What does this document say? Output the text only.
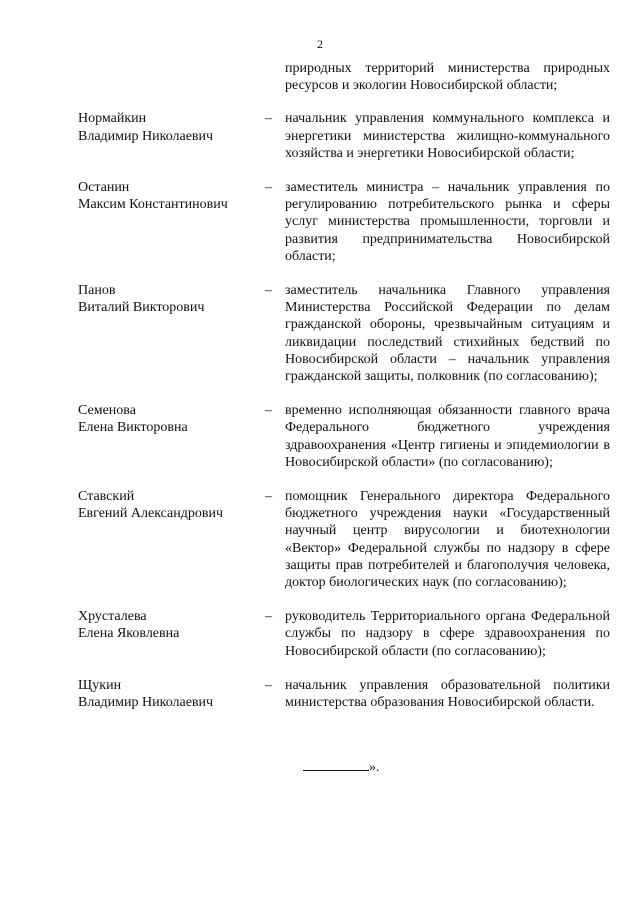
2
природных территорий министерства природных ресурсов и экологии Новосибирской области;
Нормайкин
Владимир Николаевич
– начальник управления коммунального комплекса и энергетики министерства жилищно-коммунального хозяйства и энергетики Новосибирской области;
Останин
Максим Константинович
– заместитель министра – начальник управления по регулированию потребительского рынка и сферы услуг министерства промышленности, торговли и развития предпринимательства Новосибирской области;
Панов
Виталий Викторович
– заместитель начальника Главного управления Министерства Российской Федерации по делам гражданской обороны, чрезвычайным ситуациям и ликвидации последствий стихийных бедствий по Новосибирской области – начальник управления гражданской защиты, полковник (по согласованию);
Семенова
Елена Викторовна
– временно исполняющая обязанности главного врача Федерального бюджетного учреждения здравоохранения «Центр гигиены и эпидемиологии в Новосибирской области» (по согласованию);
Ставский
Евгений Александрович
– помощник Генерального директора Федерального бюджетного учреждения науки «Государственный научный центр вирусологии и биотехнологии «Вектор» Федеральной службы по надзору в сфере защиты прав потребителей и благополучия человека, доктор биологических наук (по согласованию);
Хрусталева
Елена Яковлевна
– руководитель Территориального органа Федеральной службы по надзору в сфере здравоохранения по Новосибирской области (по согласованию);
Щукин
Владимир Николаевич
– начальник управления образовательной политики министерства образования Новосибирской области.
».
